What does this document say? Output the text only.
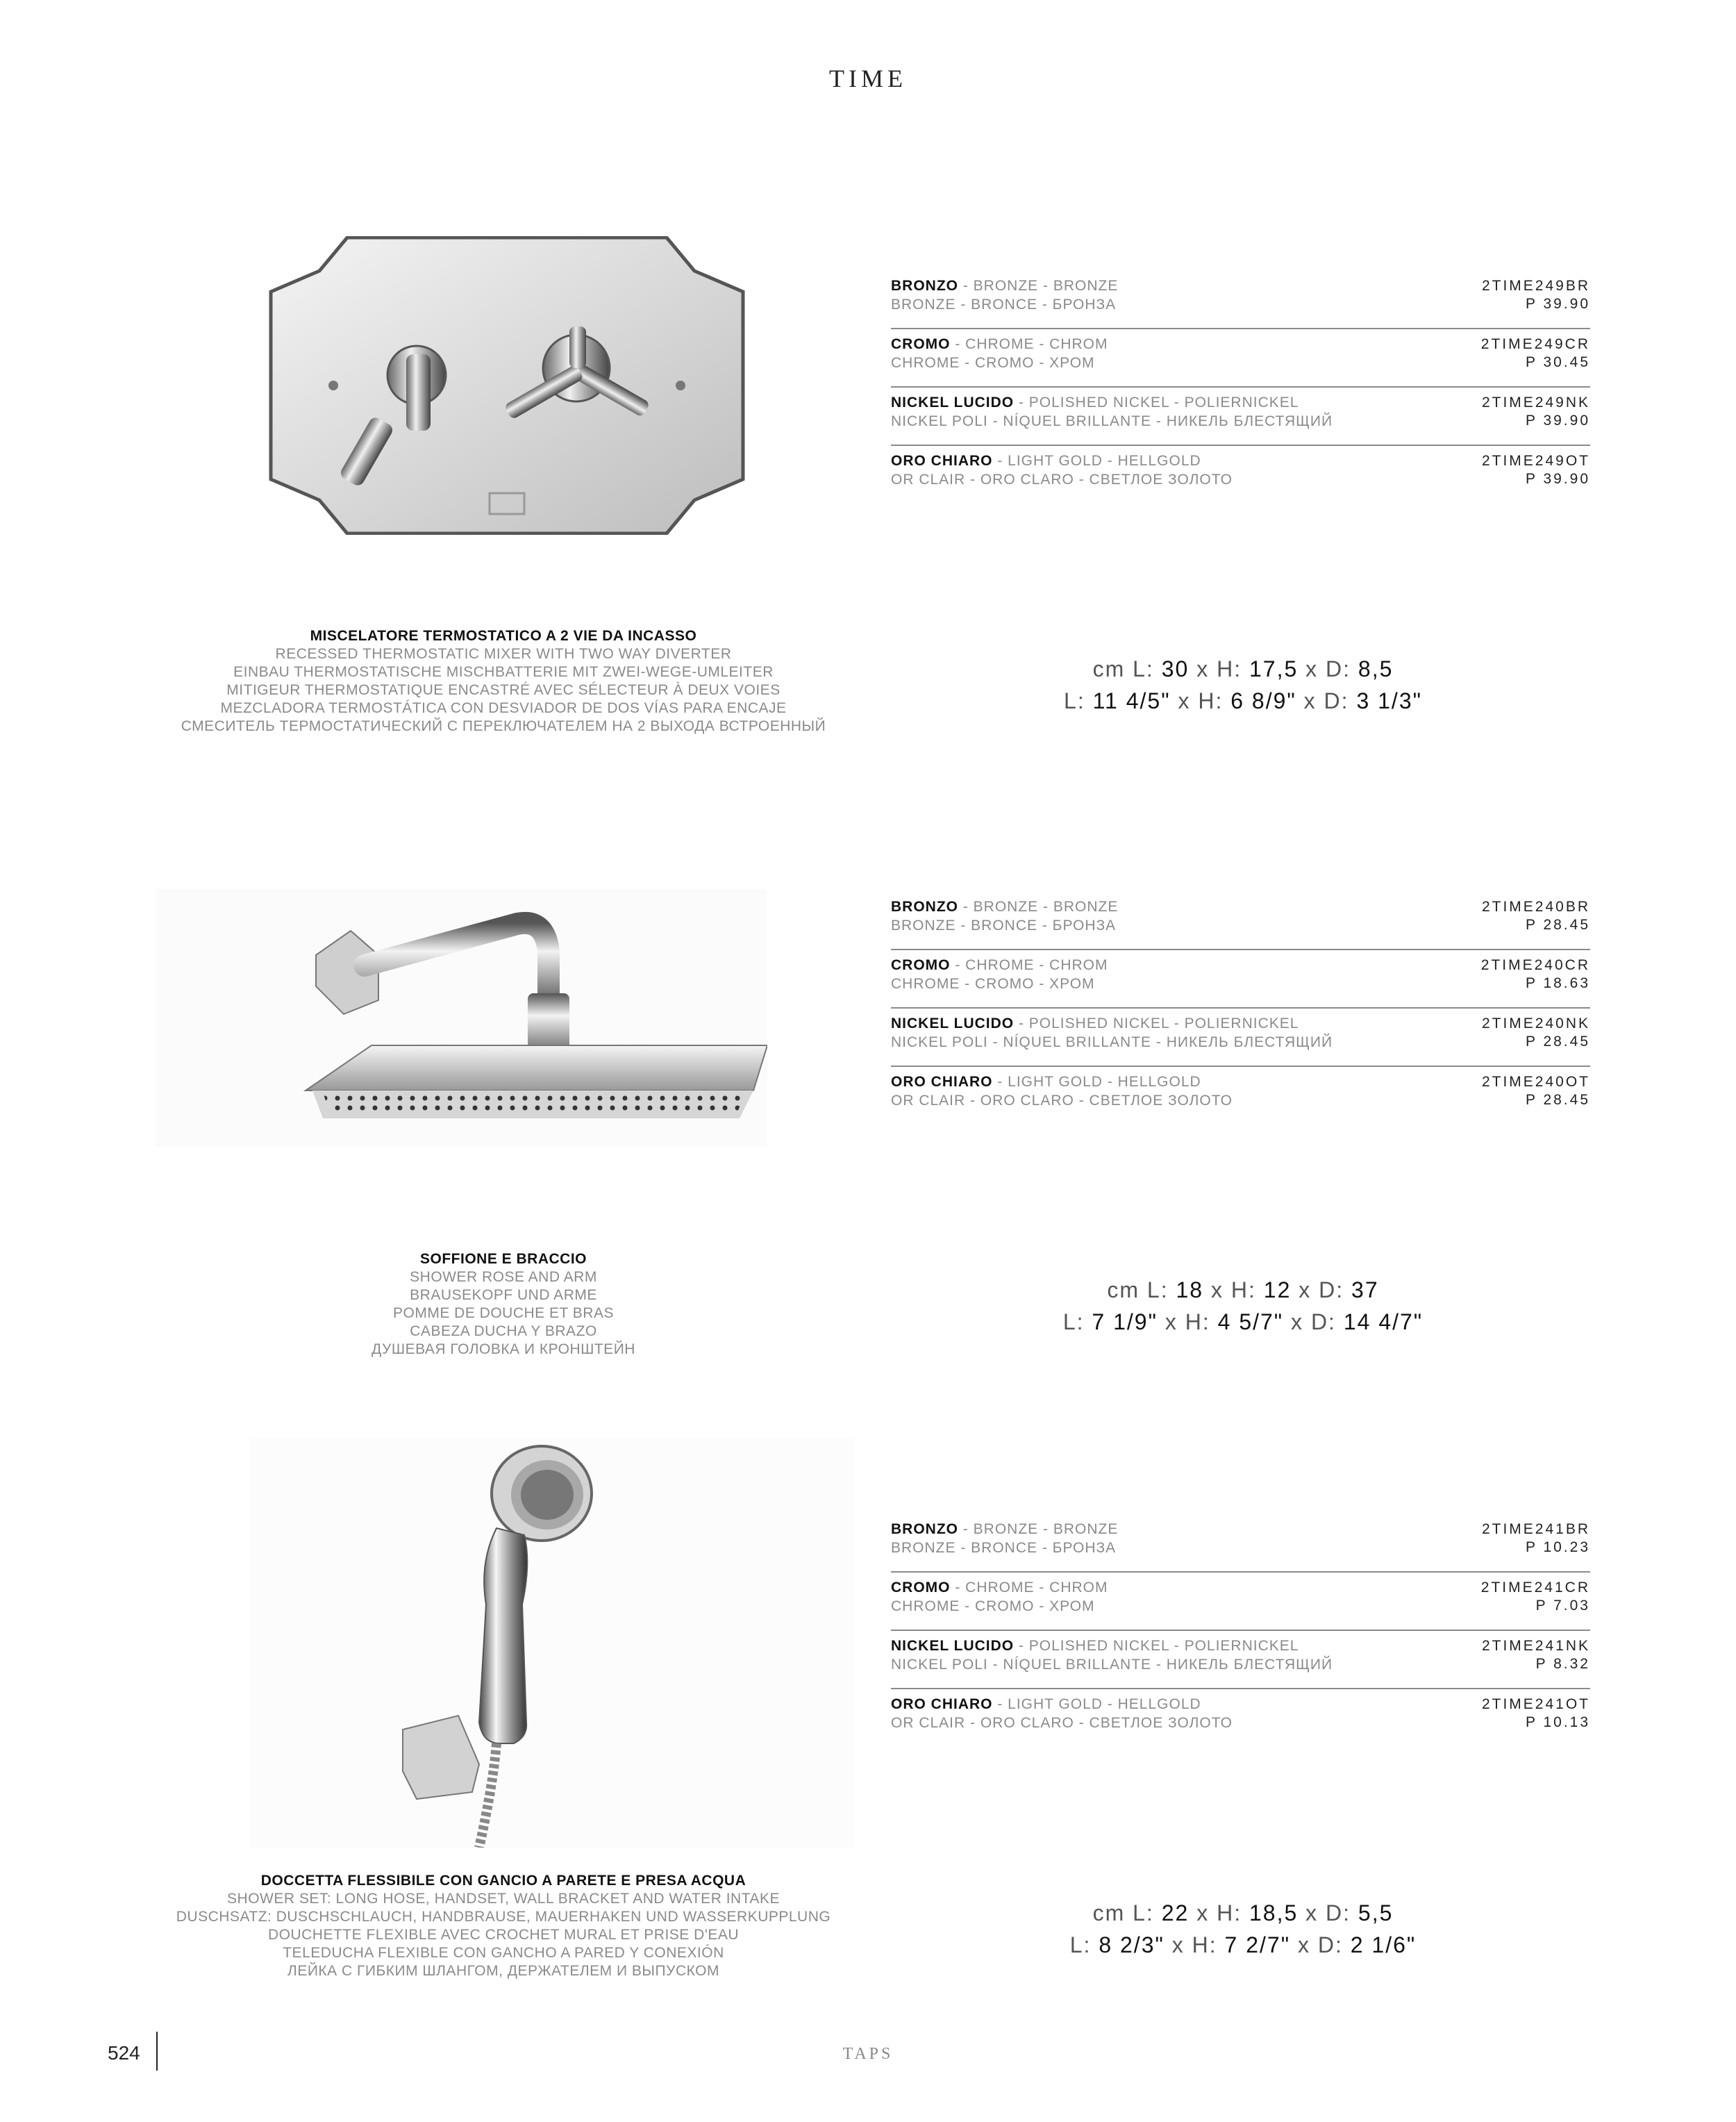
TIME
BRONZO - BRONZE - BRONZE
BRONZE - BRONCE - БРОНЗА
2TIME249BR
P 39.90
CROMO - CHROME - CHROM
CHROME - CROMO - ХРОМ
2TIME249CR
P 30.45
NICKEL LUCIDO - POLISHED NICKEL - POLIERNICKEL
NICKEL POLI - NÍQUEL BRILLANTE - НИКЕЛЬ БЛЕСТЯЩИЙ
2TIME249NK
P 39.90
ORO CHIARO - LIGHT GOLD - HELLGOLD
OR CLAIR - ORO CLARO - СВЕТЛОЕ ЗОЛОТО
2TIME249OT
P 39.90
MISCELATORE TERMOSTATICO A 2 VIE DA INCASSO
RECESSED THERMOSTATIC MIXER WITH TWO WAY DIVERTER
EINBAU THERMOSTATISCHE MISCHBATTERIE MIT ZWEI-WEGE-UMLEITER
MITIGEUR THERMOSTATIQUE ENCASTRÉ AVEC SÉLECTEUR À DEUX VOIES
MEZCLADORA TERMOSTÁTICA CON DESVIADOR DE DOS VÍAS PARA ENCAJE
СМЕСИТЕЛЬ ТЕРМОСТАТИЧЕСКИЙ С ПЕРЕКЛЮЧАТЕЛЕМ НА 2 ВЫХОДА ВСТРОЕННЫЙ
cm L: 30 x H: 17,5 x D: 8,5
L: 11 4/5" x H: 6 8/9" x D: 3 1/3"
BRONZO - BRONZE - BRONZE
BRONZE - BRONCE - БРОНЗА
2TIME240BR
P 28.45
CROMO - CHROME - CHROM
CHROME - CROMO - ХРОМ
2TIME240CR
P 18.63
NICKEL LUCIDO - POLISHED NICKEL - POLIERNICKEL
NICKEL POLI - NÍQUEL BRILLANTE - НИКЕЛЬ БЛЕСТЯЩИЙ
2TIME240NK
P 28.45
ORO CHIARO - LIGHT GOLD - HELLGOLD
OR CLAIR - ORO CLARO - СВЕТЛОЕ ЗОЛОТО
2TIME240OT
P 28.45
SOFFIONE E BRACCIO
SHOWER ROSE AND ARM
BRAUSEKOPF UND ARME
POMME DE DOUCHE ET BRAS
CABEZA DUCHA Y BRAZO
ДУШЕВАЯ ГОЛОВКА И КРОНШТЕЙН
cm L: 18 x H: 12 x D: 37
L: 7 1/9" x H: 4 5/7" x D: 14 4/7"
BRONZO - BRONZE - BRONZE
BRONZE - BRONCE - БРОНЗА
2TIME241BR
P 10.23
CROMO - CHROME - CHROM
CHROME - CROMO - ХРОМ
2TIME241CR
P 7.03
NICKEL LUCIDO - POLISHED NICKEL - POLIERNICKEL
NICKEL POLI - NÍQUEL BRILLANTE - НИКЕЛЬ БЛЕСТЯЩИЙ
2TIME241NK
P 8.32
ORO CHIARO - LIGHT GOLD - HELLGOLD
OR CLAIR - ORO CLARO - СВЕТЛОЕ ЗОЛОТО
2TIME241OT
P 10.13
DOCCETTA FLESSIBILE CON GANCIO A PARETE E PRESA ACQUA
SHOWER SET: LONG HOSE, HANDSET, WALL BRACKET AND WATER INTAKE
DUSCHSATZ: DUSCHSCHLAUCH, HANDBRAUSE, MAUERHAKEN UND WASSERKUPPLUNG
DOUCHETTE FLEXIBLE AVEC CROCHET MURAL ET PRISE D'EAU
TELEDUCHA FLEXIBLE CON GANCHO A PARED Y CONEXIÓN
ЛЕЙКА С ГИБКИМ ШЛАНГОМ, ДЕРЖАТЕЛЕМ И ВЫПУСКОМ
cm L: 22 x H: 18,5 x D: 5,5
L: 8 2/3" x H: 7 2/7" x D: 2 1/6"
524	TAPS
